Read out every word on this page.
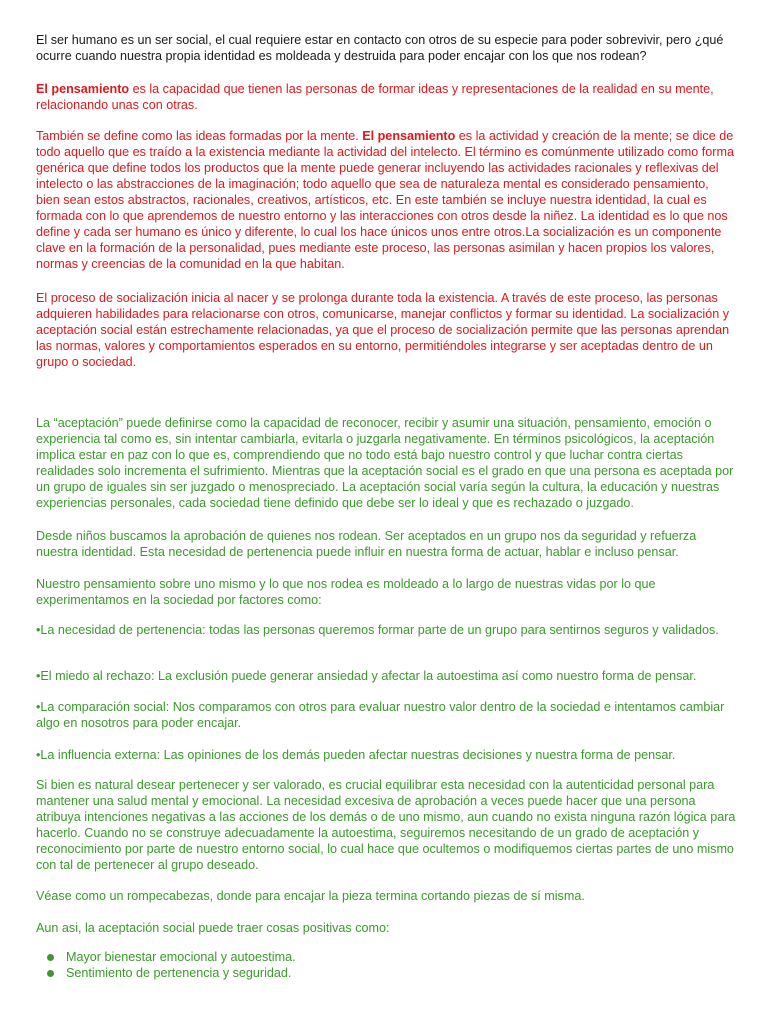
El ser humano es un ser social, el cual requiere estar en contacto con otros de su especie para poder sobrevivir, pero ¿qué ocurre cuando nuestra propia identidad es moldeada y destruida para poder encajar con los que nos rodean?

El pensamiento es la capacidad que tienen las personas de formar ideas y representaciones de la realidad en su mente, relacionando unas con otras.

También se define como las ideas formadas por la mente. El pensamiento es la actividad y creación de la mente; se dice de todo aquello que es traído a la existencia mediante la actividad del intelecto. El término es comúnmente utilizado como forma genérica que define todos los productos que la mente puede generar incluyendo las actividades racionales y reflexivas del intelecto o las abstracciones de la imaginación; todo aquello que sea de naturaleza mental es considerado pensamiento, bien sean estos abstractos, racionales, creativos, artísticos, etc. En este también se incluye nuestra identidad, la cual es formada con lo que aprendemos de nuestro entorno y las interacciones con otros desde la niñez. La identidad es lo que nos define y cada ser humano es único y diferente, lo cual los hace únicos unos entre otros.La socialización es un componente clave en la formación de la personalidad, pues mediante este proceso, las personas asimilan y hacen propios los valores, normas y creencias de la comunidad en la que habitan.

El proceso de socialización inicia al nacer y se prolonga durante toda la existencia. A través de este proceso, las personas adquieren habilidades para relacionarse con otros, comunicarse, manejar conflictos y formar su identidad. La socialización y aceptación social están estrechamente relacionadas, ya que el proceso de socialización permite que las personas aprendan las normas, valores y comportamientos esperados en su entorno, permitiéndoles integrarse y ser aceptadas dentro de un grupo o sociedad.

La “aceptación” puede definirse como la capacidad de reconocer, recibir y asumir una situación, pensamiento, emoción o experiencia tal como es, sin intentar cambiarla, evitarla o juzgarla negativamente. En términos psicológicos, la aceptación implica estar en paz con lo que es, comprendiendo que no todo está bajo nuestro control y que luchar contra ciertas realidades solo incrementa el sufrimiento. Mientras que la aceptación social es el grado en que una persona es aceptada por un grupo de iguales sin ser juzgado o menospreciado. La aceptación social varía según la cultura, la educación y nuestras experiencias personales, cada sociedad tiene definido que debe ser lo ideal y que es rechazado o juzgado.

Desde niños buscamos la aprobación de quienes nos rodean. Ser aceptados en un grupo nos da seguridad y refuerza nuestra identidad. Esta necesidad de pertenencia puede influir en nuestra forma de actuar, hablar e incluso pensar.

Nuestro pensamiento sobre uno mismo y lo que nos rodea es moldeado a lo largo de nuestras vidas por lo que experimentamos en la sociedad por factores como:

•La necesidad de pertenencia: todas las personas queremos formar parte de un grupo para sentirnos seguros y validados.

•El miedo al rechazo: La exclusión puede generar ansiedad y afectar la autoestima así como nuestro forma de pensar.

•La comparación social: Nos comparamos con otros para evaluar nuestro valor dentro de la sociedad e intentamos cambiar algo en nosotros para poder encajar.

•La influencia externa: Las opiniones de los demás pueden afectar nuestras decisiones y nuestra forma de pensar.

Si bien es natural desear pertenecer y ser valorado, es crucial equilibrar esta necesidad con la autenticidad personal para mantener una salud mental y emocional. La necesidad excesiva de aprobación a veces puede hacer que una persona atribuya intenciones negativas a las acciones de los demás o de uno mismo, aun cuando no exista ninguna razón lógica para hacerlo. Cuando no se construye adecuadamente la autoestima, seguiremos necesitando de un grado de aceptación y reconocimiento por parte de nuestro entorno social, lo cual hace que ocultemos o modifiquemos ciertas partes de uno mismo con tal de pertenecer al grupo deseado.

Véase como un rompecabezas, donde para encajar la pieza termina cortando piezas de sí misma.

Aun asi, la aceptación social puede traer cosas positivas como:

Mayor bienestar emocional y autoestima.
Sentimiento de pertenencia y seguridad.
